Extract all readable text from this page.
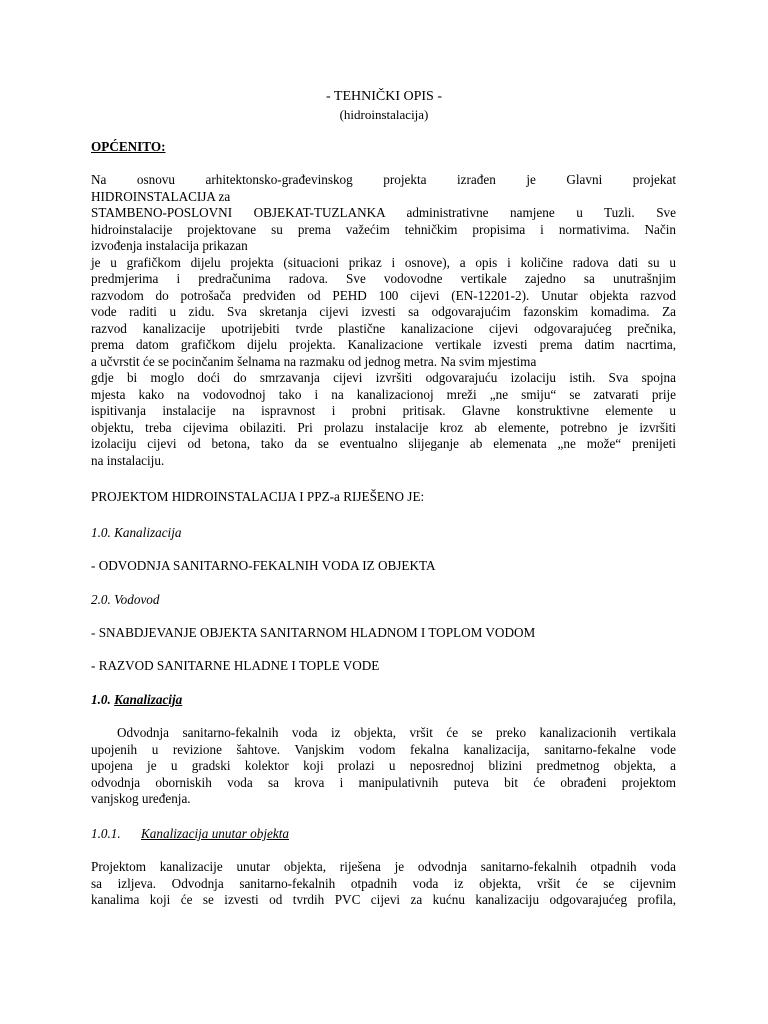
- TEHNIČKI OPIS -

(hidroinstalacija)

OPĆENITO:

Na osnovu arhitektonsko-građevinskog projekta izrađen je Glavni projekat
HIDROINSTALACIJA za
STAMBENO-POSLOVNI OBJEKAT-TUZLANKA administrativne namjene u Tuzli. Sve
hidroinstalacije projektovane su prema važećim tehničkim propisima i normativima. Način
izvođenja instalacija prikazan
je u grafičkom dijelu projekta (situacioni prikaz i osnove), a opis i količine radova dati su u
predmjerima i predračunima radova. Sve vodovodne vertikale zajedno sa unutrašnjim
razvodom do potrošača predviđen od PEHD 100 cijevi (EN-12201-2). Unutar objekta razvod
vode raditi u zidu. Sva skretanja cijevi izvesti sa odgovarajućim fazonskim komadima. Za
razvod kanalizacije upotrijebiti tvrde plastične kanalizacione cijevi odgovarajućeg prečnika,
prema datom grafičkom dijelu projekta. Kanalizacione vertikale izvesti prema datim nacrtima,
a učvrstit će se pocinčanim šelnama na razmaku od jednog metra. Na svim mjestima
gdje bi moglo doći do smrzavanja cijevi izvršiti odgovarajuću izolaciju istih. Sva spojna
mjesta kako na vodovodnoj tako i na kanalizacionoj mreži „ne smiju“ se zatvarati prije
ispitivanja instalacije na ispravnost i probni pritisak. Glavne konstruktivne elemente u
objektu, treba cijevima obilaziti. Pri prolazu instalacije kroz ab elemente, potrebno je izvršiti
izolaciju cijevi od betona, tako da se eventualno slijeganje ab elemenata „ne može“ prenijeti
na instalaciju.

PROJEKTOM HIDROINSTALACIJA I PPZ-a RIJEŠENO JE:

1.0. Kanalizacija

- ODVODNJA SANITARNO-FEKALNIH VODA IZ OBJEKTA

2.0. Vodovod

- SNABDJEVANJE OBJEKTA SANITARNOM HLADNOM I TOPLOM VODOM

- RAZVOD SANITARNE HLADNE I TOPLE VODE

1.0. Kanalizacija

Odvodnja sanitarno-fekalnih voda iz objekta, vršit će se preko kanalizacionih vertikala
upojenih u revizione šahtove. Vanjskim vodom fekalna kanalizacija, sanitarno-fekalne vode
upojena je u gradski kolektor koji prolazi u neposrednoj blizini predmetnog objekta, a
odvodnja oborniskih voda sa krova i manipulativnih puteva bit će obrađeni projektom
vanjskog uređenja.

1.0.1. Kanalizacija unutar objekta

Projektom kanalizacije unutar objekta, riješena je odvodnja sanitarno-fekalnih otpadnih voda
sa izljeva. Odvodnja sanitarno-fekalnih otpadnih voda iz objekta, vršit će se cijevnim
kanalima koji će se izvesti od tvrdih PVC cijevi za kućnu kanalizaciju odgovarajućeg profila,
